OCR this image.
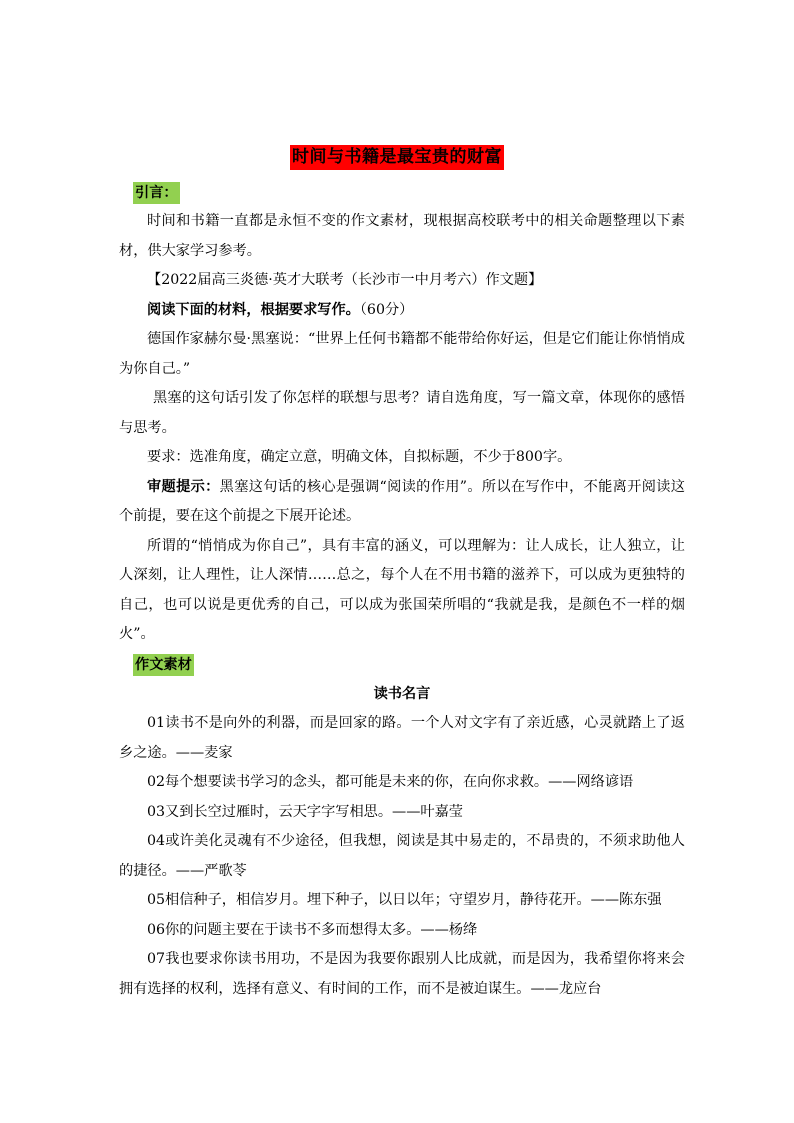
时间与书籍是最宝贵的财富
引言：

时间和书籍一直都是永恒不变的作文素材，现根据高校联考中的相关命题整理以下素材，供大家学习参考。

【2022届高三炎德·英才大联考（长沙市一中月考六）作文题】

阅读下面的材料，根据要求写作。（60分）

德国作家赫尔曼·黑塞说：“世界上任何书籍都不能带给你好运，但是它们能让你悄悄成为你自己。”

黑塞的这句话引发了你怎样的联想与思考？请自选角度，写一篇文章，体现你的感悟与思考。

要求：选准角度，确定立意，明确文体，自拟标题，不少于800字。

审题提示：黑塞这句话的核心是强调“阅读的作用”。所以在写作中，不能离开阅读这个前提，要在这个前提之下展开论述。

所谓的“悄悄成为你自己”，具有丰富的涵义，可以理解为：让人成长，让人独立，让人深刻，让人理性，让人深情……总之，每个人在不用书籍的滋养下，可以成为更独特的自己，也可以说是更优秀的自己，可以成为张国荣所唱的“我就是我，是颜色不一样的烟火”。

作文素材

读书名言

01读书不是向外的利器，而是回家的路。一个人对文字有了亲近感，心灵就踏上了返乡之途。——麦家

02每个想要读书学习的念头，都可能是未来的你，在向你求救。——网络谚语

03又到长空过雁时，云天字字写相思。——叶嘉莹

04或许美化灵魂有不少途径，但我想，阅读是其中易走的，不昂贵的，不须求助他人的捷径。——严歌苓

05相信种子，相信岁月。埋下种子，以日以年；守望岁月，静待花开。——陈东强

06你的问题主要在于读书不多而想得太多。——杨绛

07我也要求你读书用功，不是因为我要你跟别人比成就，而是因为，我希望你将来会拥有选择的权利，选择有意义、有时间的工作，而不是被迫谋生。——龙应台
